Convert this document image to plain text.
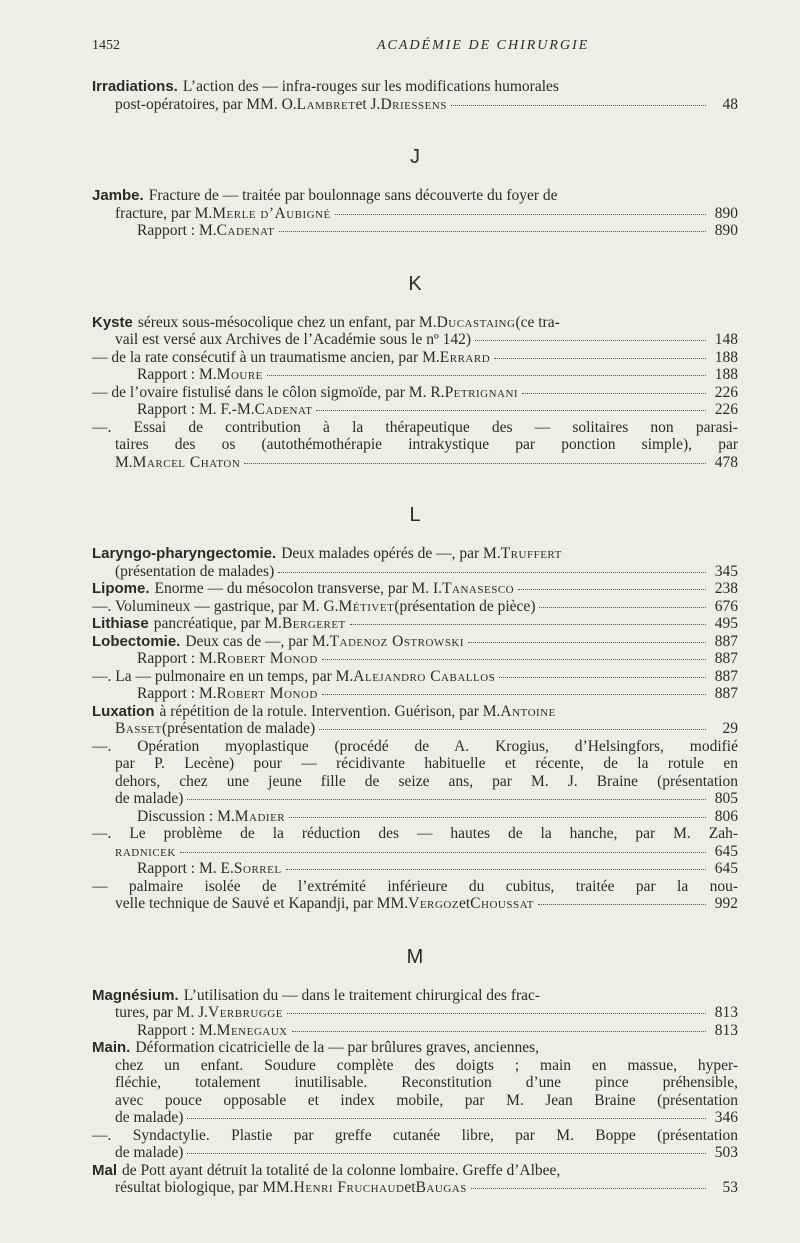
1452	ACADÉMIE DE CHIRURGIE
Irradiations. L’action des — infra-rouges sur les modifications humorales
post-opératoires, par MM. O. Lambret et J. Driessens	48
J
Jambe. Fracture de — traitée par boulonnage sans découverte du foyer de
fracture, par M. Merle d’Aubigné	890
Rapport : M. Cadenat	890
K
Kyste séreux sous-mésocolique chez un enfant, par M. Ducastaing (ce tra-
vail est versé aux Archives de l’Académie sous le nº 142)	148
— de la rate consécutif à un traumatisme ancien, par M. Errard	188
Rapport : M. Moure	188
— de l’ovaire fistulisé dans le côlon sigmoïde, par M. R. Petrignani	226
Rapport : M. F.-M. Cadenat	226
—. Essai de contribution à la thérapeutique des — solitaires non parasi-
taires des os (autothémothérapie intrakystique par ponction simple), par
M. Marcel Chaton	478
L
Laryngo-pharyngectomie. Deux malades opérés de —, par M. Truffert
(présentation de malades)	345
Lipome. Enorme — du mésocolon transverse, par M. I. Tanasesco	238
—. Volumineux — gastrique, par M. G. Métivet (présentation de pièce)	676
Lithiase pancréatique, par M. Bergeret	495
Lobectomie. Deux cas de —, par M. Tadenoz Ostrowski	887
Rapport : M. Robert Monod	887
—. La — pulmonaire en un temps, par M. Alejandro Caballos	887
Rapport : M. Robert Monod	887
Luxation à répétition de la rotule. Intervention. Guérison, par M. Antoine
Basset (présentation de malade)	29
—. Opération myoplastique (procédé de A. Krogius, d’Helsingfors, modifié
par P. Lecène) pour — récidivante habituelle et récente, de la rotule en
dehors, chez une jeune fille de seize ans, par M. J. Braine (présentation
de malade)	805
Discussion : M. Madier	806
—. Le problème de la réduction des — hautes de la hanche, par M. Zah-
radnicek	645
Rapport : M. E. Sorrel	645
— palmaire isolée de l’extrémité inférieure du cubitus, traitée par la nou-
velle technique de Sauvé et Kapandji, par MM. Vergoz et Choussat	992
M
Magnésium. L’utilisation du — dans le traitement chirurgical des frac-
tures, par M. J. Verbrugge	813
Rapport : M. Menegaux	813
Main. Déformation cicatricielle de la — par brûlures graves, anciennes,
chez un enfant. Soudure complète des doigts ; main en massue, hyper-
fléchie, totalement inutilisable. Reconstitution d’une pince préhensible,
avec pouce opposable et index mobile, par M. Jean Braine (présentation
de malade)	346
—. Syndactylie. Plastie par greffe cutanée libre, par M. Boppe (présentation
de malade)	503
Mal de Pott ayant détruit la totalité de la colonne lombaire. Greffe d’Albee,
résultat biologique, par MM. Henri Fruchaud et Baugas	53
